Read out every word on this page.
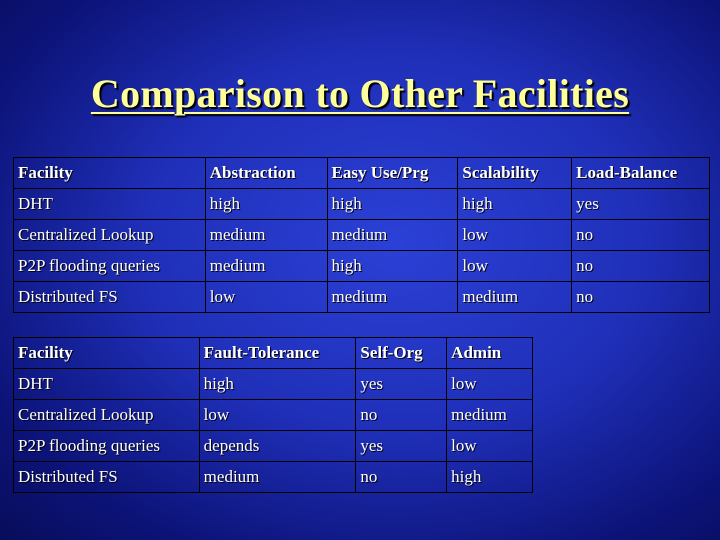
Comparison to Other Facilities
Facility	Abstraction	Easy Use/Prg	Scalability	Load-Balance
DHT	high	high	high	yes
Centralized Lookup	medium	medium	low	no
P2P flooding queries	medium	high	low	no
Distributed FS	low	medium	medium	no
Facility	Fault-Tolerance	Self-Org	Admin
DHT	high	yes	low
Centralized Lookup	low	no	medium
P2P flooding queries	depends	yes	low
Distributed FS	medium	no	high
